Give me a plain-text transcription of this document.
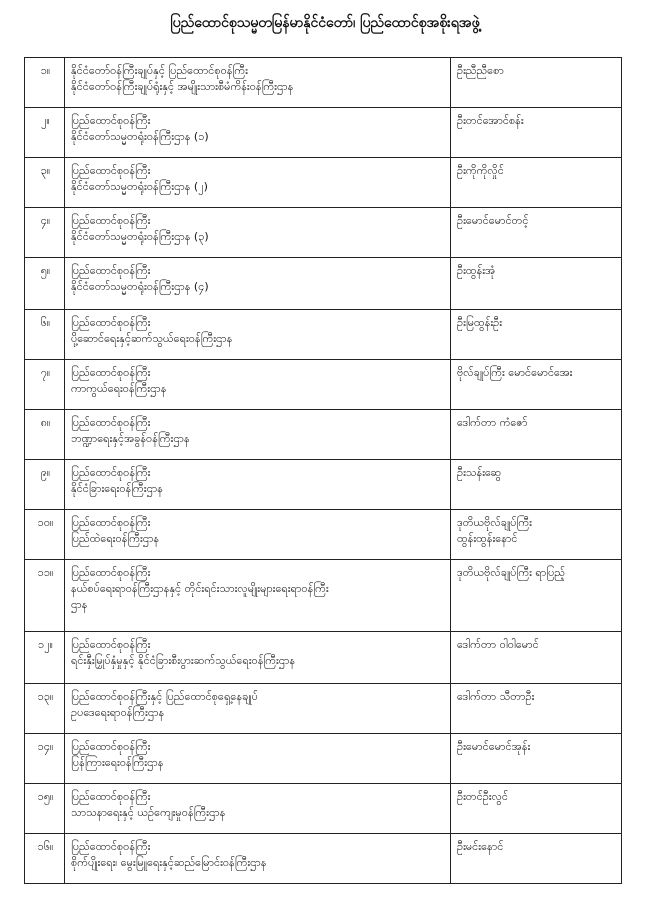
ပြည်ထောင်စုသမ္မတမြန်မာနိုင်ငံတော်၊ ပြည်ထောင်စုအစိုးရအဖွဲ့
၁။	နိုင်ငံတော်ဝန်ကြီးချုပ်နှင့် ပြည်ထောင်စုဝန်ကြီး
နိုင်ငံတော်ဝန်ကြီးချုပ်ရုံးနှင့် အမျိုးသားစီမံကိန်းဝန်ကြီးဌာန	ဦးညီညီစော

၂။	ပြည်ထောင်စုဝန်ကြီး
နိုင်ငံတော်သမ္မတရုံးဝန်ကြီးဌာန (၁)	ဦးတင်အောင်စန်း

၃။	ပြည်ထောင်စုဝန်ကြီး
နိုင်ငံတော်သမ္မတရုံးဝန်ကြီးဌာန (၂)	ဦးကိုကိုလှိုင်

၄။	ပြည်ထောင်စုဝန်ကြီး
နိုင်ငံတော်သမ္မတရုံးဝန်ကြီးဌာန (၃)	ဦးမောင်မောင်တင့်

၅။	ပြည်ထောင်စုဝန်ကြီး
နိုင်ငံတော်သမ္မတရုံးဝန်ကြီးဌာန (၄)	ဦးထွန်းအုံ

၆။	ပြည်ထောင်စုဝန်ကြီး
ပို့ဆောင်ရေးနှင့်ဆက်သွယ်ရေးဝန်ကြီးဌာန	ဦးမြထွန်းဦး

၇။	ပြည်ထောင်စုဝန်ကြီး
ကာကွယ်ရေးဝန်ကြီးဌာန	ဗိုလ်ချုပ်ကြီး မောင်မောင်အေး

၈။	ပြည်ထောင်စုဝန်ကြီး
ဘဏ္ဍာရေးနှင့်အခွန်ဝန်ကြီးဌာန	ဒေါက်တာ ကံဇော်

၉။	ပြည်ထောင်စုဝန်ကြီး
နိုင်ငံခြားရေးဝန်ကြီးဌာန	ဦးသန်းဆွေ

၁၀။	ပြည်ထောင်စုဝန်ကြီး
ပြည်ထဲရေးဝန်ကြီးဌာန	ဒုတိယဗိုလ်ချုပ်ကြီး
ထွန်းထွန်းနောင်

၁၁။	ပြည်ထောင်စုဝန်ကြီး
နယ်စပ်ရေးရာဝန်ကြီးဌာနနှင့် တိုင်းရင်းသားလူမျိုးများရေးရာဝန်ကြီး
ဌာန	ဒုတိယဗိုလ်ချုပ်ကြီး ရာပြည့်

၁၂။	ပြည်ထောင်စုဝန်ကြီး
ရင်းနှီးမြှုပ်နှံမှုနှင့် နိုင်ငံခြားစီးပွားဆက်သွယ်ရေးဝန်ကြီးဌာန	ဒေါက်တာ ဝါဝါမောင်

၁၃။	ပြည်ထောင်စုဝန်ကြီးနှင့် ပြည်ထောင်စုရှေ့နေချုပ်
ဥပဒေရေးရာဝန်ကြီးဌာန	ဒေါက်တာ သီတာဦး

၁၄။	ပြည်ထောင်စုဝန်ကြီး
ပြန်ကြားရေးဝန်ကြီးဌာန	ဦးမောင်မောင်အုန်း

၁၅။	ပြည်ထောင်စုဝန်ကြီး
သာသနာရေးနှင့် ယဉ်ကျေးမှုဝန်ကြီးဌာန	ဦးတင်ဦးလွင်

၁၆။	ပြည်ထောင်စုဝန်ကြီး
စိုက်ပျိုးရေး၊ မွေးမြူရေးနှင့်ဆည်မြောင်းဝန်ကြီးဌာန	ဦးမင်းနောင်
